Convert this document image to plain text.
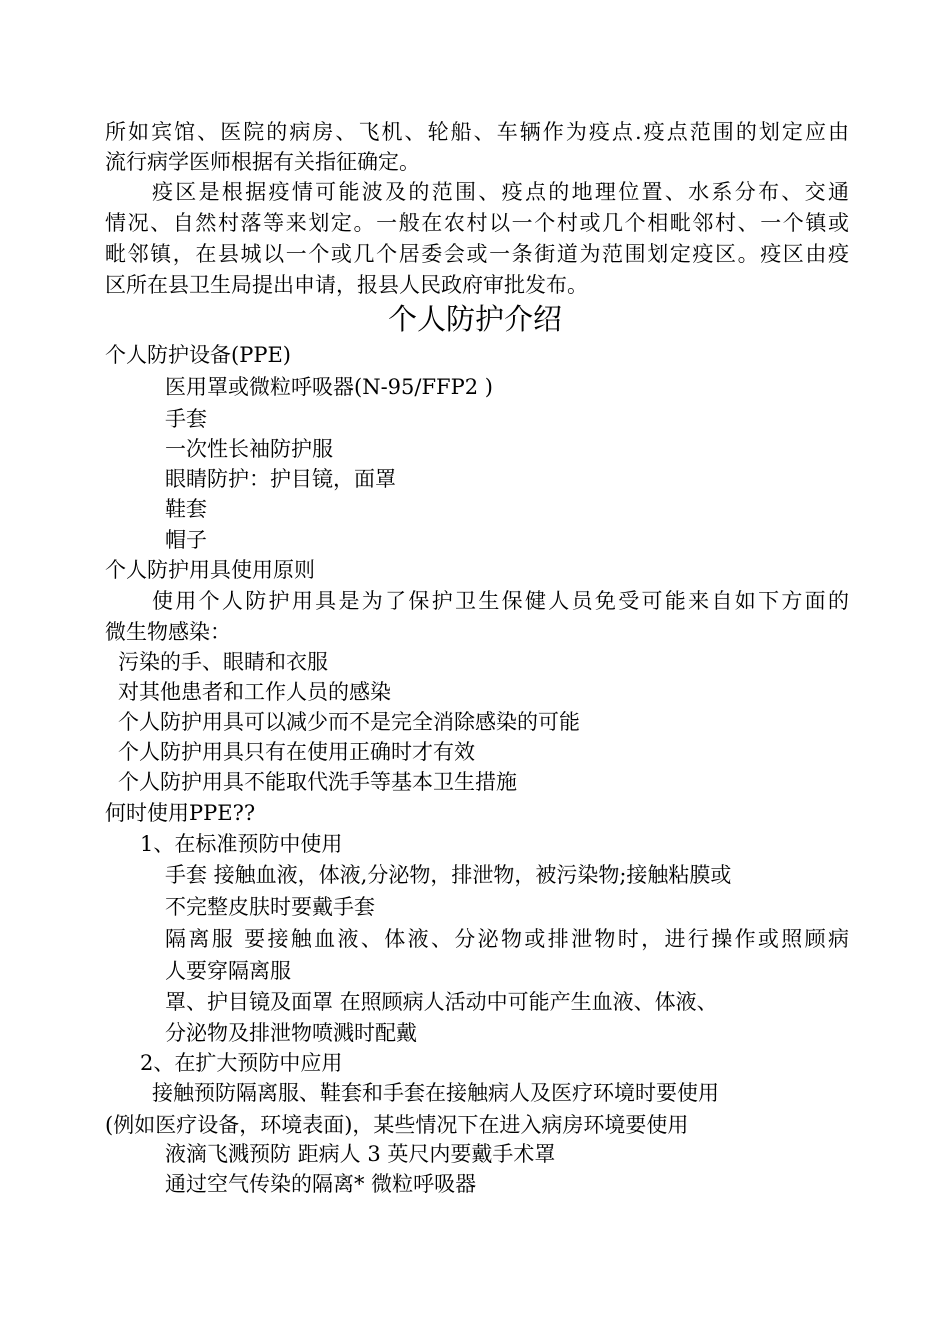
所如宾馆、医院的病房、飞机、轮船、车辆作为疫点.疫点范围的划定应由
流行病学医师根据有关指征确定。
疫区是根据疫情可能波及的范围、疫点的地理位置、水系分布、交通
情况、自然村落等来划定。一般在农村以一个村或几个相毗邻村、一个镇或
毗邻镇，在县城以一个或几个居委会或一条街道为范围划定疫区。疫区由疫
区所在县卫生局提出申请，报县人民政府审批发布。
个人防护介绍
个人防护设备(PPE)
医用罩或微粒呼吸器(N-95/FFP2 )
手套
一次性长袖防护服
眼睛防护：护目镜，面罩
鞋套
帽子
个人防护用具使用原则
使用个人防护用具是为了保护卫生保健人员免受可能来自如下方面的
微生物感染：
污染的手、眼睛和衣服
对其他患者和工作人员的感染
个人防护用具可以减少而不是完全消除感染的可能
个人防护用具只有在使用正确时才有效
个人防护用具不能取代洗手等基本卫生措施
何时使用PPE??
1、在标准预防中使用
手套 接触血液，体液,分泌物，排泄物，被污染物;接触粘膜或
不完整皮肤时要戴手套
隔离服 要接触血液、体液、分泌物或排泄物时，进行操作或照顾病
人要穿隔离服
罩、护目镜及面罩 在照顾病人活动中可能产生血液、体液、
分泌物及排泄物喷溅时配戴
2、在扩大预防中应用
接触预防隔离服、鞋套和手套在接触病人及医疗环境时要使用
(例如医疗设备，环境表面)，某些情况下在进入病房环境要使用
液滴飞溅预防 距病人 3 英尺内要戴手术罩
通过空气传染的隔离* 微粒呼吸器
